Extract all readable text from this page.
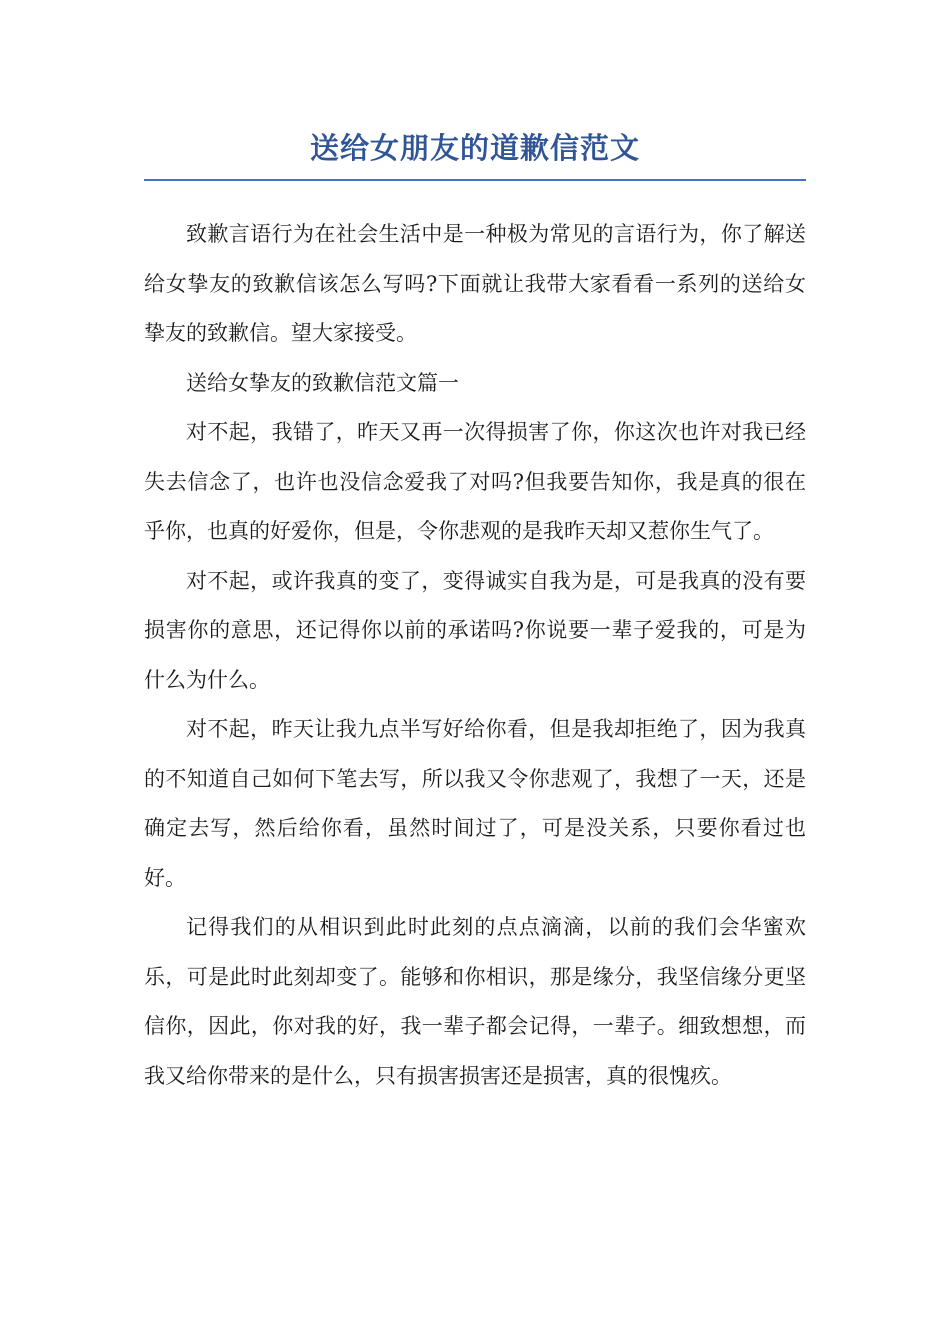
送给女朋友的道歉信范文

致歉言语行为在社会生活中是一种极为常见的言语行为，你了解送给女挚友的致歉信该怎么写吗?下面就让我带大家看看一系列的送给女挚友的致歉信。望大家接受。

送给女挚友的致歉信范文篇一

对不起，我错了，昨天又再一次得损害了你，你这次也许对我已经失去信念了，也许也没信念爱我了对吗?但我要告知你，我是真的很在乎你，也真的好爱你，但是，令你悲观的是我昨天却又惹你生气了。

对不起，或许我真的变了，变得诚实自我为是，可是我真的没有要损害你的意思，还记得你以前的承诺吗?你说要一辈子爱我的，可是为什么为什么。

对不起，昨天让我九点半写好给你看，但是我却拒绝了，因为我真的不知道自己如何下笔去写，所以我又令你悲观了，我想了一天，还是确定去写，然后给你看，虽然时间过了，可是没关系，只要你看过也好。

记得我们的从相识到此时此刻的点点滴滴，以前的我们会华蜜欢乐，可是此时此刻却变了。能够和你相识，那是缘分，我坚信缘分更坚信你，因此，你对我的好，我一辈子都会记得，一辈子。细致想想，而我又给你带来的是什么，只有损害损害还是损害，真的很愧疚。
